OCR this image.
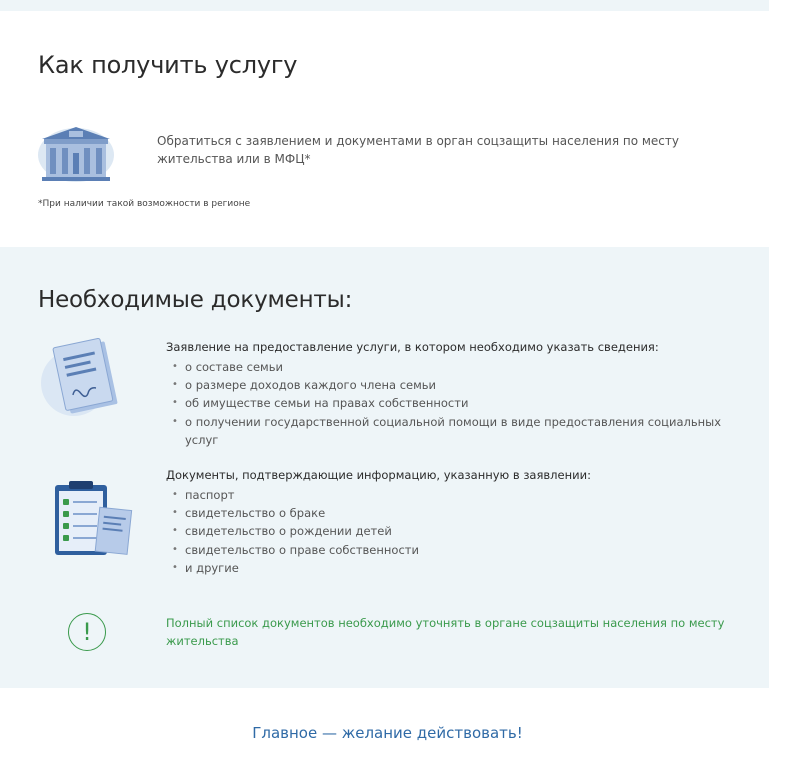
Как получить услугу
Обратиться с заявлением и документами в орган соцзащиты населения по месту жительства или в МФЦ*
*При наличии такой возможности в регионе
Необходимые документы:
Заявление на предоставление услуги, в котором необходимо указать сведения:
• о составе семьи
• о размере доходов каждого члена семьи
• об имуществе семьи на правах собственности
• о получении государственной социальной помощи в виде предоставления социальных услуг
Документы, подтверждающие информацию, указанную в заявлении:
• паспорт
• свидетельство о браке
• свидетельство о рождении детей
• свидетельство о праве собственности
• и другие
!	Полный список документов необходимо уточнять в органе соцзащиты населения по месту жительства
Главное — желание действовать!
